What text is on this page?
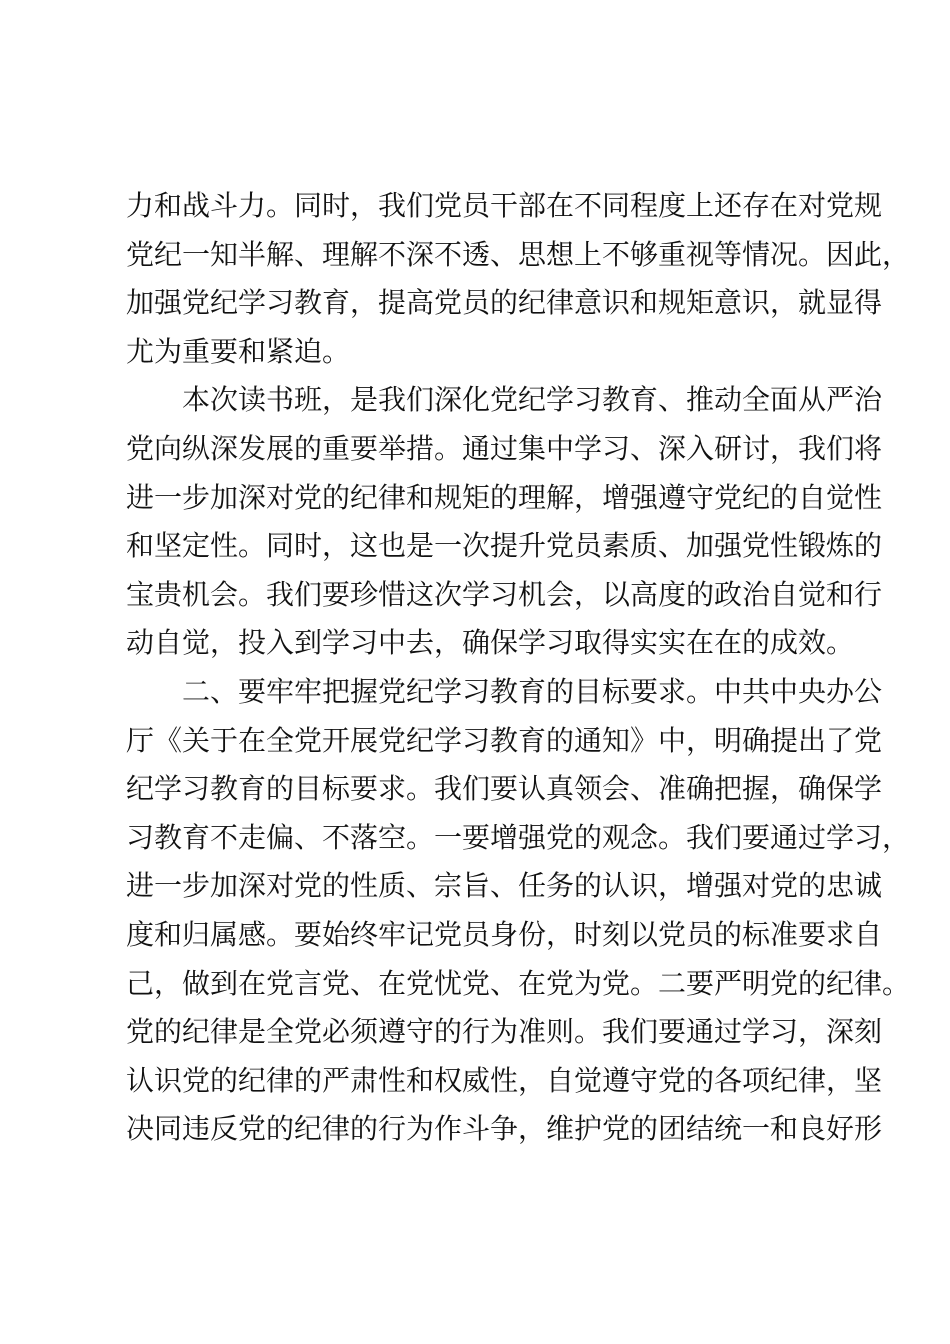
力和战斗力。同时，我们党员干部在不同程度上还存在对党规

党纪一知半解、理解不深不透、思想上不够重视等情况。因此，

加强党纪学习教育，提高党员的纪律意识和规矩意识，就显得

尤为重要和紧迫。

本次读书班，是我们深化党纪学习教育、推动全面从严治

党向纵深发展的重要举措。通过集中学习、深入研讨，我们将

进一步加深对党的纪律和规矩的理解，增强遵守党纪的自觉性

和坚定性。同时，这也是一次提升党员素质、加强党性锻炼的

宝贵机会。我们要珍惜这次学习机会，以高度的政治自觉和行

动自觉，投入到学习中去，确保学习取得实实在在的成效。

二、要牢牢把握党纪学习教育的目标要求。中共中央办公

厅《关于在全党开展党纪学习教育的通知》中，明确提出了党

纪学习教育的目标要求。我们要认真领会、准确把握，确保学

习教育不走偏、不落空。一要增强党的观念。我们要通过学习，

进一步加深对党的性质、宗旨、任务的认识，增强对党的忠诚

度和归属感。要始终牢记党员身份，时刻以党员的标准要求自

己，做到在党言党、在党忧党、在党为党。二要严明党的纪律。

党的纪律是全党必须遵守的行为准则。我们要通过学习，深刻

认识党的纪律的严肃性和权威性，自觉遵守党的各项纪律，坚

决同违反党的纪律的行为作斗争，维护党的团结统一和良好形
